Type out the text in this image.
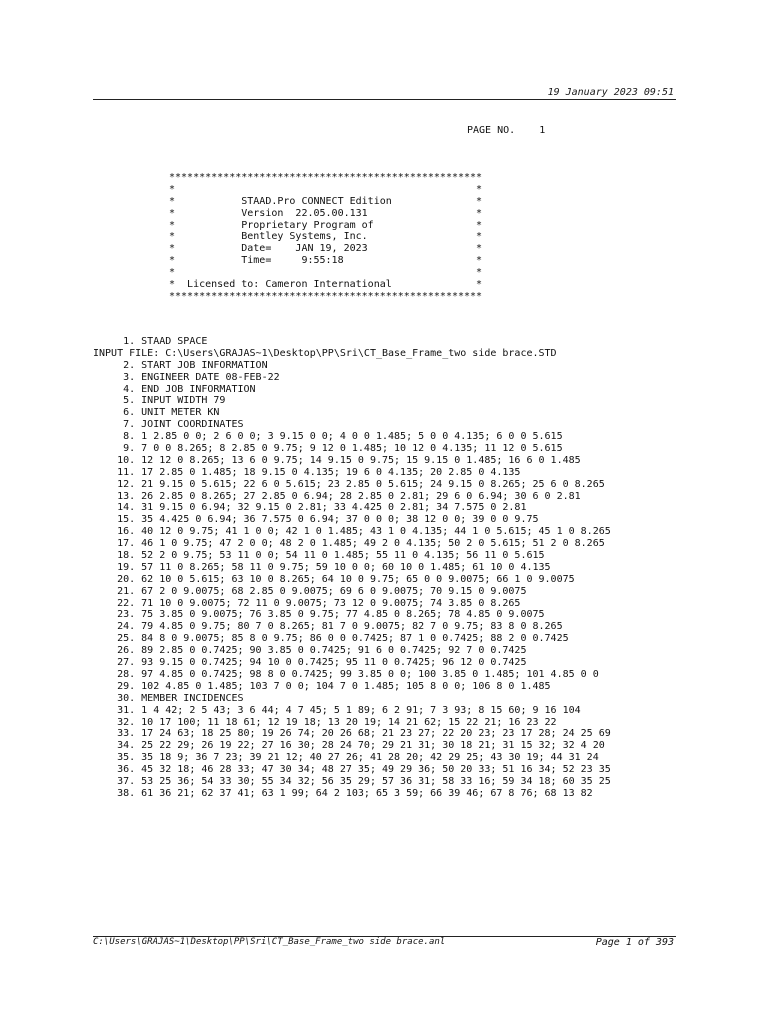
19 January 2023 09:51
PAGE NO.    1
****************************************************
*                                                  *
*           STAAD.Pro CONNECT Edition              *
*           Version  22.05.00.131                  *
*           Proprietary Program of                 *
*           Bentley Systems, Inc.                  *
*           Date=    JAN 19, 2023                  *
*           Time=     9:55:18                      *
*                                                  *
*  Licensed to: Cameron International              *
****************************************************
1. STAAD SPACE
INPUT FILE: C:\Users\GRAJAS~1\Desktop\PP\Sri\CT_Base_Frame_two side brace.STD
2. START JOB INFORMATION
3. ENGINEER DATE 08-FEB-22
4. END JOB INFORMATION
5. INPUT WIDTH 79
6. UNIT METER KN
7. JOINT COORDINATES
8. 1 2.85 0 0; 2 6 0 0; 3 9.15 0 0; 4 0 0 1.485; 5 0 0 4.135; 6 0 0 5.615
9. 7 0 0 8.265; 8 2.85 0 9.75; 9 12 0 1.485; 10 12 0 4.135; 11 12 0 5.615
10. 12 12 0 8.265; 13 6 0 9.75; 14 9.15 0 9.75; 15 9.15 0 1.485; 16 6 0 1.485
11. 17 2.85 0 1.485; 18 9.15 0 4.135; 19 6 0 4.135; 20 2.85 0 4.135
12. 21 9.15 0 5.615; 22 6 0 5.615; 23 2.85 0 5.615; 24 9.15 0 8.265; 25 6 0 8.265
13. 26 2.85 0 8.265; 27 2.85 0 6.94; 28 2.85 0 2.81; 29 6 0 6.94; 30 6 0 2.81
14. 31 9.15 0 6.94; 32 9.15 0 2.81; 33 4.425 0 2.81; 34 7.575 0 2.81
15. 35 4.425 0 6.94; 36 7.575 0 6.94; 37 0 0 0; 38 12 0 0; 39 0 0 9.75
16. 40 12 0 9.75; 41 1 0 0; 42 1 0 1.485; 43 1 0 4.135; 44 1 0 5.615; 45 1 0 8.265
17. 46 1 0 9.75; 47 2 0 0; 48 2 0 1.485; 49 2 0 4.135; 50 2 0 5.615; 51 2 0 8.265
18. 52 2 0 9.75; 53 11 0 0; 54 11 0 1.485; 55 11 0 4.135; 56 11 0 5.615
19. 57 11 0 8.265; 58 11 0 9.75; 59 10 0 0; 60 10 0 1.485; 61 10 0 4.135
20. 62 10 0 5.615; 63 10 0 8.265; 64 10 0 9.75; 65 0 0 9.0075; 66 1 0 9.0075
21. 67 2 0 9.0075; 68 2.85 0 9.0075; 69 6 0 9.0075; 70 9.15 0 9.0075
22. 71 10 0 9.0075; 72 11 0 9.0075; 73 12 0 9.0075; 74 3.85 0 8.265
23. 75 3.85 0 9.0075; 76 3.85 0 9.75; 77 4.85 0 8.265; 78 4.85 0 9.0075
24. 79 4.85 0 9.75; 80 7 0 8.265; 81 7 0 9.0075; 82 7 0 9.75; 83 8 0 8.265
25. 84 8 0 9.0075; 85 8 0 9.75; 86 0 0 0.7425; 87 1 0 0.7425; 88 2 0 0.7425
26. 89 2.85 0 0.7425; 90 3.85 0 0.7425; 91 6 0 0.7425; 92 7 0 0.7425
27. 93 9.15 0 0.7425; 94 10 0 0.7425; 95 11 0 0.7425; 96 12 0 0.7425
28. 97 4.85 0 0.7425; 98 8 0 0.7425; 99 3.85 0 0; 100 3.85 0 1.485; 101 4.85 0 0
29. 102 4.85 0 1.485; 103 7 0 0; 104 7 0 1.485; 105 8 0 0; 106 8 0 1.485
30. MEMBER INCIDENCES
31. 1 4 42; 2 5 43; 3 6 44; 4 7 45; 5 1 89; 6 2 91; 7 3 93; 8 15 60; 9 16 104
32. 10 17 100; 11 18 61; 12 19 18; 13 20 19; 14 21 62; 15 22 21; 16 23 22
33. 17 24 63; 18 25 80; 19 26 74; 20 26 68; 21 23 27; 22 20 23; 23 17 28; 24 25 69
34. 25 22 29; 26 19 22; 27 16 30; 28 24 70; 29 21 31; 30 18 21; 31 15 32; 32 4 20
35. 35 18 9; 36 7 23; 39 21 12; 40 27 26; 41 28 20; 42 29 25; 43 30 19; 44 31 24
36. 45 32 18; 46 28 33; 47 30 34; 48 27 35; 49 29 36; 50 20 33; 51 16 34; 52 23 35
37. 53 25 36; 54 33 30; 55 34 32; 56 35 29; 57 36 31; 58 33 16; 59 34 18; 60 35 25
38. 61 36 21; 62 37 41; 63 1 99; 64 2 103; 65 3 59; 66 39 46; 67 8 76; 68 13 82
C:\Users\GRAJAS~1\Desktop\PP\Sri\CT_Base_Frame_two side brace.anl	Page 1 of 393
